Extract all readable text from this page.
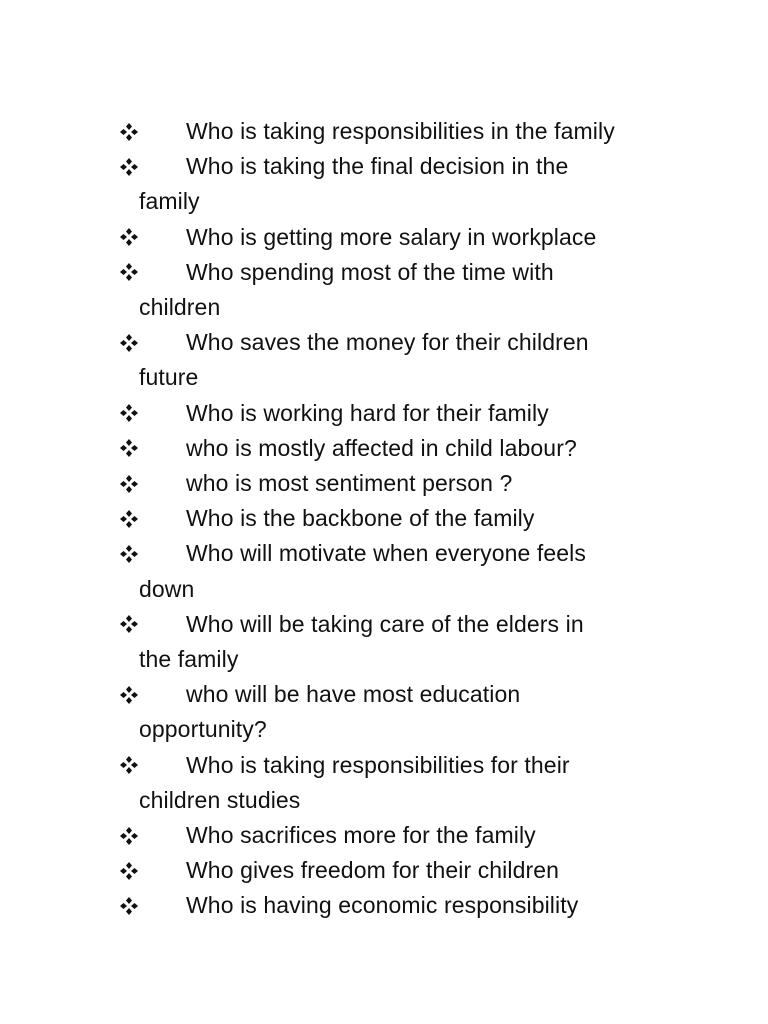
Who is taking responsibilities in the family
Who is taking the final decision in the
family
Who is getting more salary in workplace
Who spending most of the time with
children
Who saves the money for their children
future
Who is working hard for their family
who is mostly affected in child labour?
who is most sentiment person ?
Who is the backbone of the family
Who will motivate when everyone feels
down
Who will be taking care of the elders in
the family
who will be have most education
opportunity?
Who is taking responsibilities for their
children studies
Who sacrifices more for the family
Who gives freedom for their children
Who is having economic responsibility
